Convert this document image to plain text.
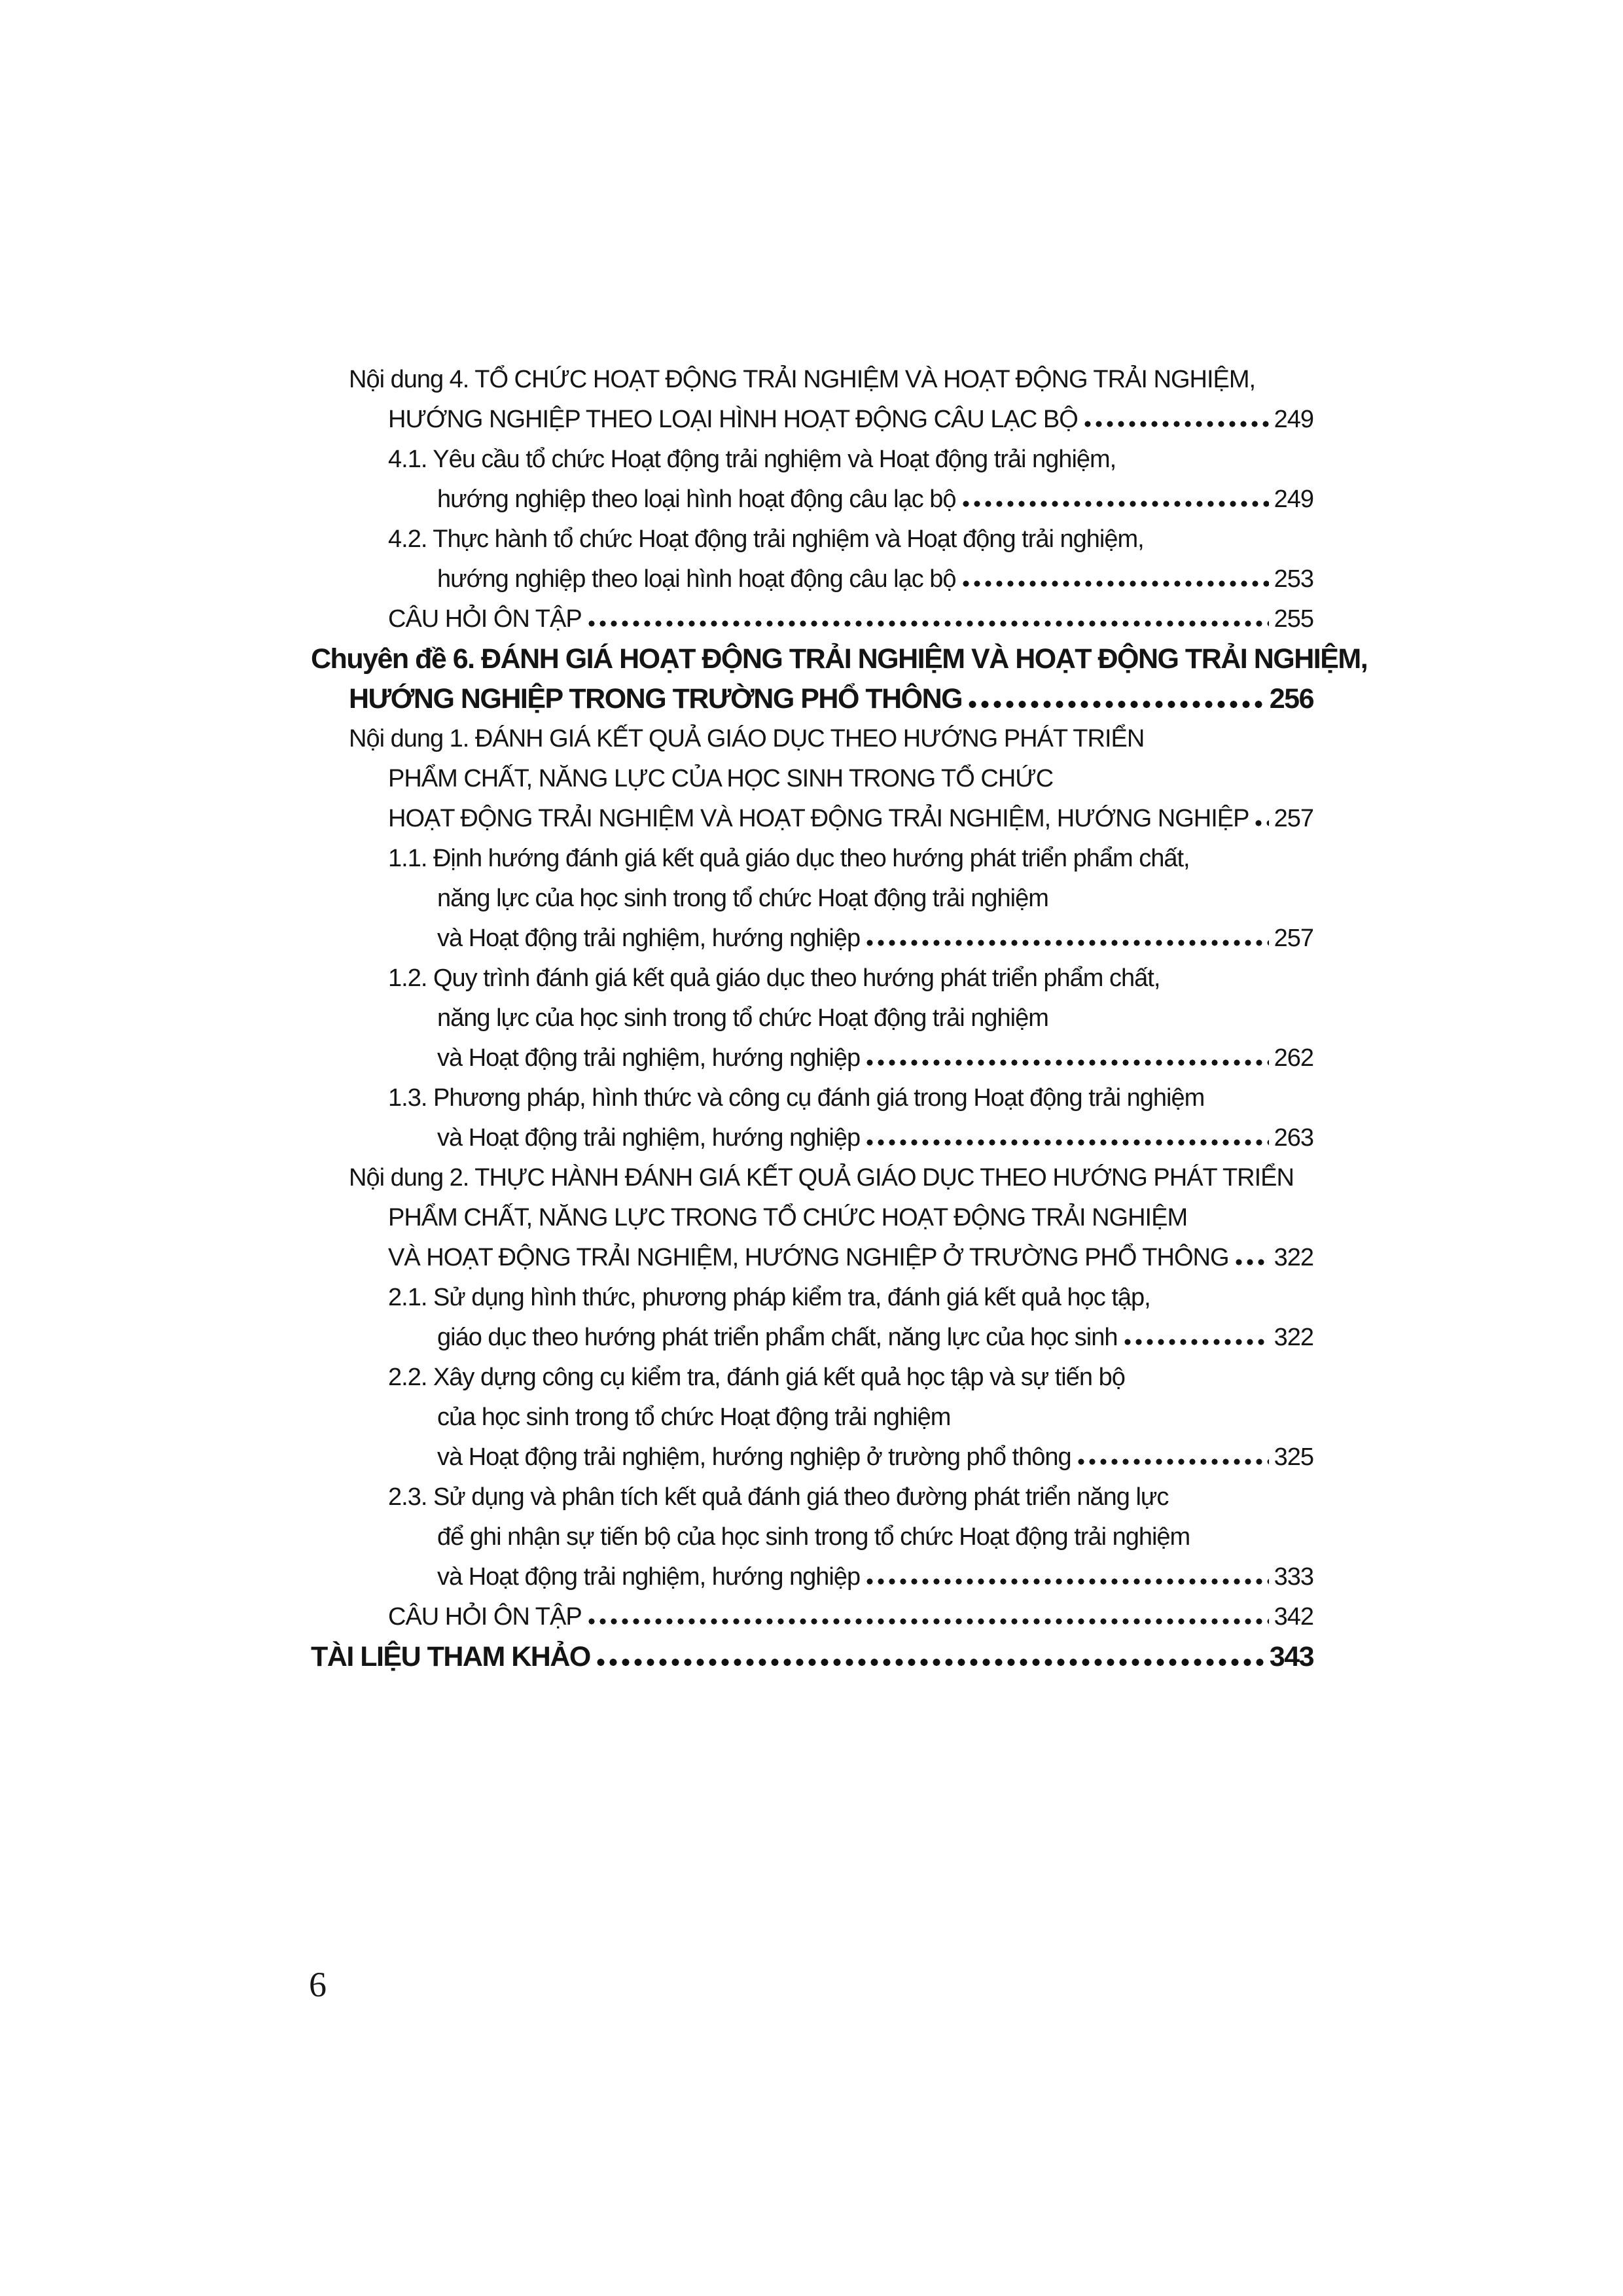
Nội dung 4. TỔ CHỨC HOẠT ĐỘNG TRẢI NGHIỆM VÀ HOẠT ĐỘNG TRẢI NGHIỆM,
HƯỚNG NGHIỆP THEO LOẠI HÌNH HOẠT ĐỘNG CÂU LẠC BỘ	249
4.1. Yêu cầu tổ chức Hoạt động trải nghiệm và Hoạt động trải nghiệm,
hướng nghiệp theo loại hình hoạt động câu lạc bộ	249
4.2. Thực hành tổ chức Hoạt động trải nghiệm và Hoạt động trải nghiệm,
hướng nghiệp theo loại hình hoạt động câu lạc bộ	253
CÂU HỎI ÔN TẬP	255
Chuyên đề 6. ĐÁNH GIÁ HOẠT ĐỘNG TRẢI NGHIỆM VÀ HOẠT ĐỘNG TRẢI NGHIỆM,
HƯỚNG NGHIỆP TRONG TRƯỜNG PHỔ THÔNG	256
Nội dung 1. ĐÁNH GIÁ KẾT QUẢ GIÁO DỤC THEO HƯỚNG PHÁT TRIỂN
PHẨM CHẤT, NĂNG LỰC CỦA HỌC SINH TRONG TỔ CHỨC
HOẠT ĐỘNG TRẢI NGHIỆM VÀ HOẠT ĐỘNG TRẢI NGHIỆM, HƯỚNG NGHIỆP 257
1.1. Định hướng đánh giá kết quả giáo dục theo hướng phát triển phẩm chất,
năng lực của học sinh trong tổ chức Hoạt động trải nghiệm
và Hoạt động trải nghiệm, hướng nghiệp	257
1.2. Quy trình đánh giá kết quả giáo dục theo hướng phát triển phẩm chất,
năng lực của học sinh trong tổ chức Hoạt động trải nghiệm
và Hoạt động trải nghiệm, hướng nghiệp	262
1.3. Phương pháp, hình thức và công cụ đánh giá trong Hoạt động trải nghiệm
và Hoạt động trải nghiệm, hướng nghiệp	263
Nội dung 2. THỰC HÀNH ĐÁNH GIÁ KẾT QUẢ GIÁO DỤC THEO HƯỚNG PHÁT TRIỂN
PHẨM CHẤT, NĂNG LỰC TRONG TỔ CHỨC HOẠT ĐỘNG TRẢI NGHIỆM
VÀ HOẠT ĐỘNG TRẢI NGHIỆM, HƯỚNG NGHIỆP Ở TRƯỜNG PHỔ THÔNG 322
2.1. Sử dụng hình thức, phương pháp kiểm tra, đánh giá kết quả học tập,
giáo dục theo hướng phát triển phẩm chất, năng lực của học sinh	322
2.2. Xây dựng công cụ kiểm tra, đánh giá kết quả học tập và sự tiến bộ
của học sinh trong tổ chức Hoạt động trải nghiệm
và Hoạt động trải nghiệm, hướng nghiệp ở trường phổ thông	325
2.3. Sử dụng và phân tích kết quả đánh giá theo đường phát triển năng lực
để ghi nhận sự tiến bộ của học sinh trong tổ chức Hoạt động trải nghiệm
và Hoạt động trải nghiệm, hướng nghiệp	333
CÂU HỎI ÔN TẬP	342
TÀI LIỆU THAM KHẢO	343
6
